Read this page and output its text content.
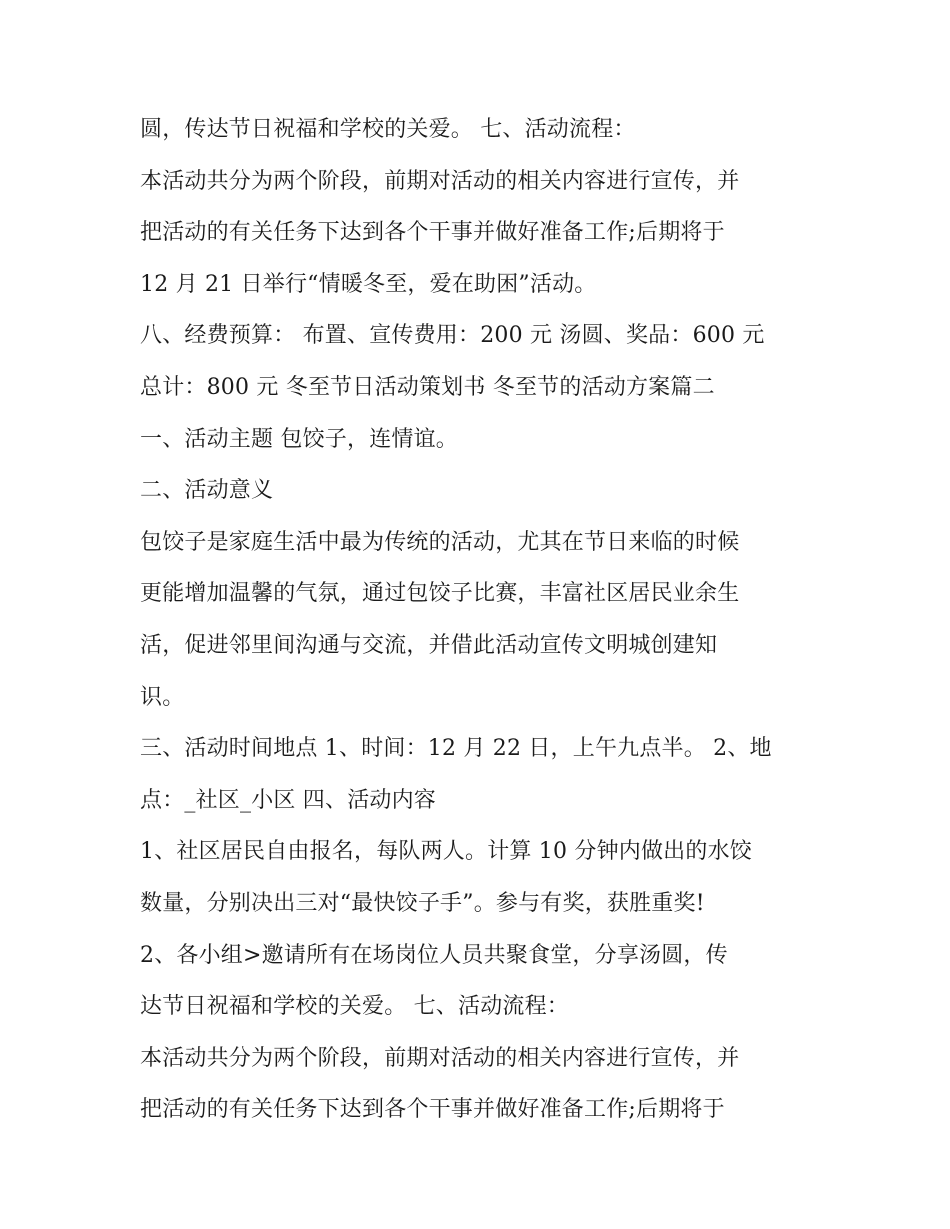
圆，传达节日祝福和学校的关爱。 七、活动流程：
本活动共分为两个阶段，前期对活动的相关内容进行宣传，并
把活动的有关任务下达到各个干事并做好准备工作;后期将于
12 月 21 日举行“情暖冬至，爱在助困”活动。
八、经费预算： 布置、宣传费用：200 元 汤圆、奖品：600 元
总计：800 元 冬至节日活动策划书 冬至节的活动方案篇二
一、活动主题 包饺子，连情谊。
二、活动意义
包饺子是家庭生活中最为传统的活动，尤其在节日来临的时候
更能增加温馨的气氛，通过包饺子比赛，丰富社区居民业余生
活，促进邻里间沟通与交流，并借此活动宣传文明城创建知
识。
三、活动时间地点 1、时间：12 月 22 日，上午九点半。 2、地
点：_社区_小区 四、活动内容
1、社区居民自由报名，每队两人。计算 10 分钟内做出的水饺
数量，分别决出三对“最快饺子手”。参与有奖，获胜重奖!
2、各小组>邀请所有在场岗位人员共聚食堂，分享汤圆，传
达节日祝福和学校的关爱。 七、活动流程：
本活动共分为两个阶段，前期对活动的相关内容进行宣传，并
把活动的有关任务下达到各个干事并做好准备工作;后期将于
